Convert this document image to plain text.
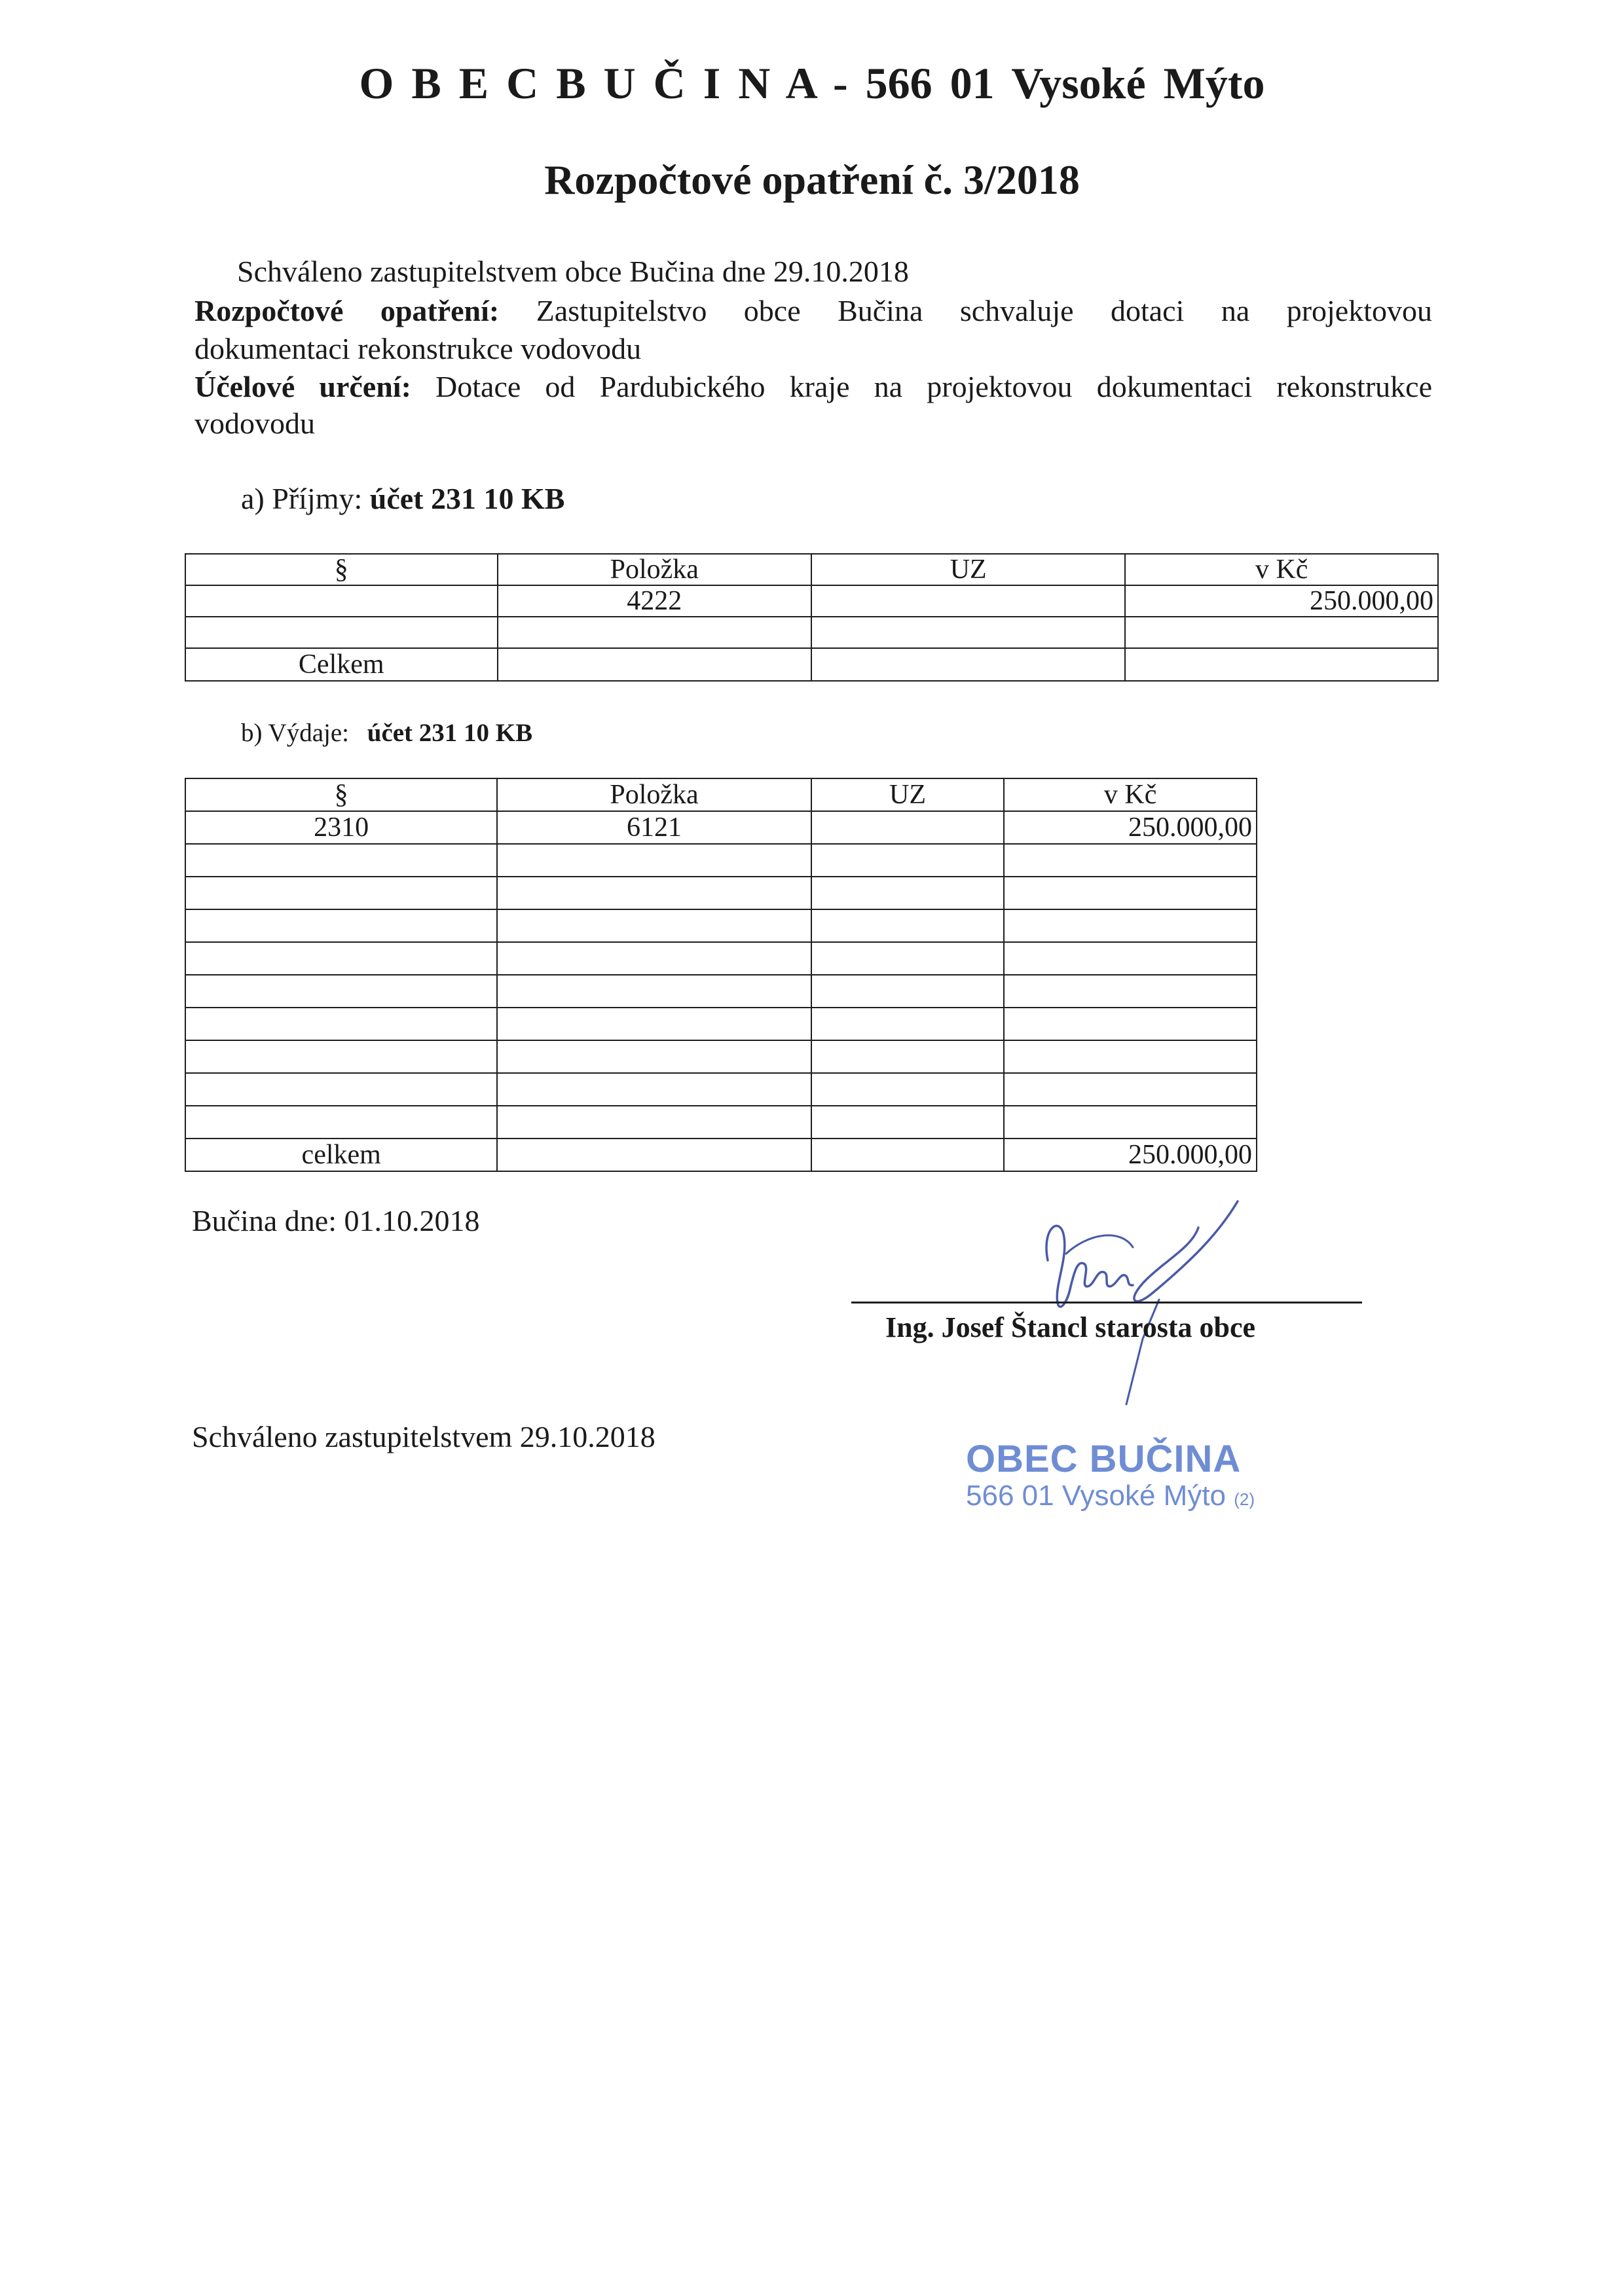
O B E C B U Č I N A - 566 01 Vysoké Mýto
Rozpočtové opatření č. 3/2018
Schváleno zastupitelstvem obce Bučina dne 29.10.2018
Rozpočtové opatření: Zastupitelstvo obce Bučina schvaluje dotaci na projektovou
dokumentaci rekonstrukce vodovodu
Účelové určení: Dotace od Pardubického kraje na projektovou dokumentaci rekonstrukce
vodovodu
a) Příjmy: účet 231 10 KB
§	Položka	UZ	v Kč
	4222		250.000,00

Celkem			
b) Výdaje: účet 231 10 KB
§	Položka	UZ	v Kč
2310	6121		250.000,00

celkem			250.000,00
Bučina dne: 01.10.2018
Ing. Josef Štancl starosta obce
Schváleno zastupitelstvem 29.10.2018
OBEC BUČINA
566 01 Vysoké Mýto (2)
